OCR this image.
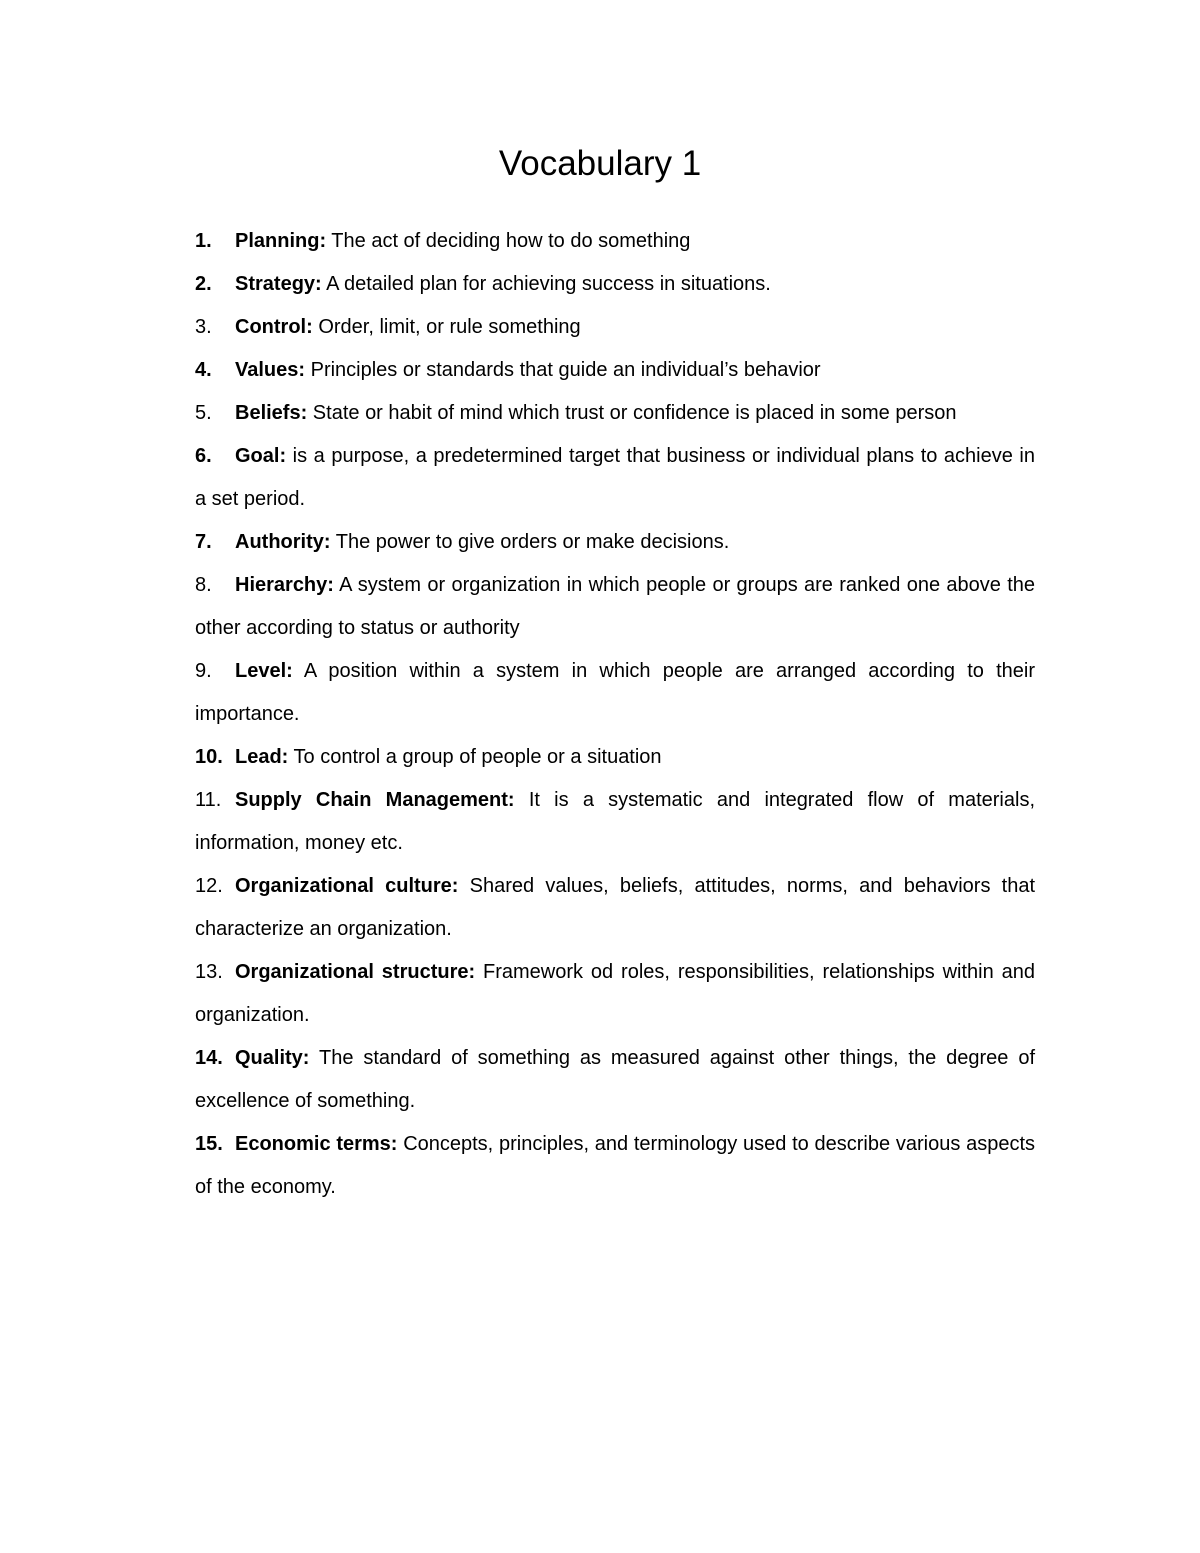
Vocabulary 1
1. Planning: The act of deciding how to do something
2. Strategy: A detailed plan for achieving success in situations.
3. Control: Order, limit, or rule something
4. Values: Principles or standards that guide an individual’s behavior
5. Beliefs: State or habit of mind which trust or confidence is placed in some person
6. Goal: is a purpose, a predetermined target that business or individual plans to achieve in a set period.
7. Authority: The power to give orders or make decisions.
8. Hierarchy: A system or organization in which people or groups are ranked one above the other according to status or authority
9. Level: A position within a system in which people are arranged according to their importance.
10. Lead: To control a group of people or a situation
11. Supply Chain Management: It is a systematic and integrated flow of materials, information, money etc.
12. Organizational culture: Shared values, beliefs, attitudes, norms, and behaviors that characterize an organization.
13. Organizational structure: Framework od roles, responsibilities, relationships within and organization.
14. Quality: The standard of something as measured against other things, the degree of excellence of something.
15. Economic terms: Concepts, principles, and terminology used to describe various aspects of the economy.
